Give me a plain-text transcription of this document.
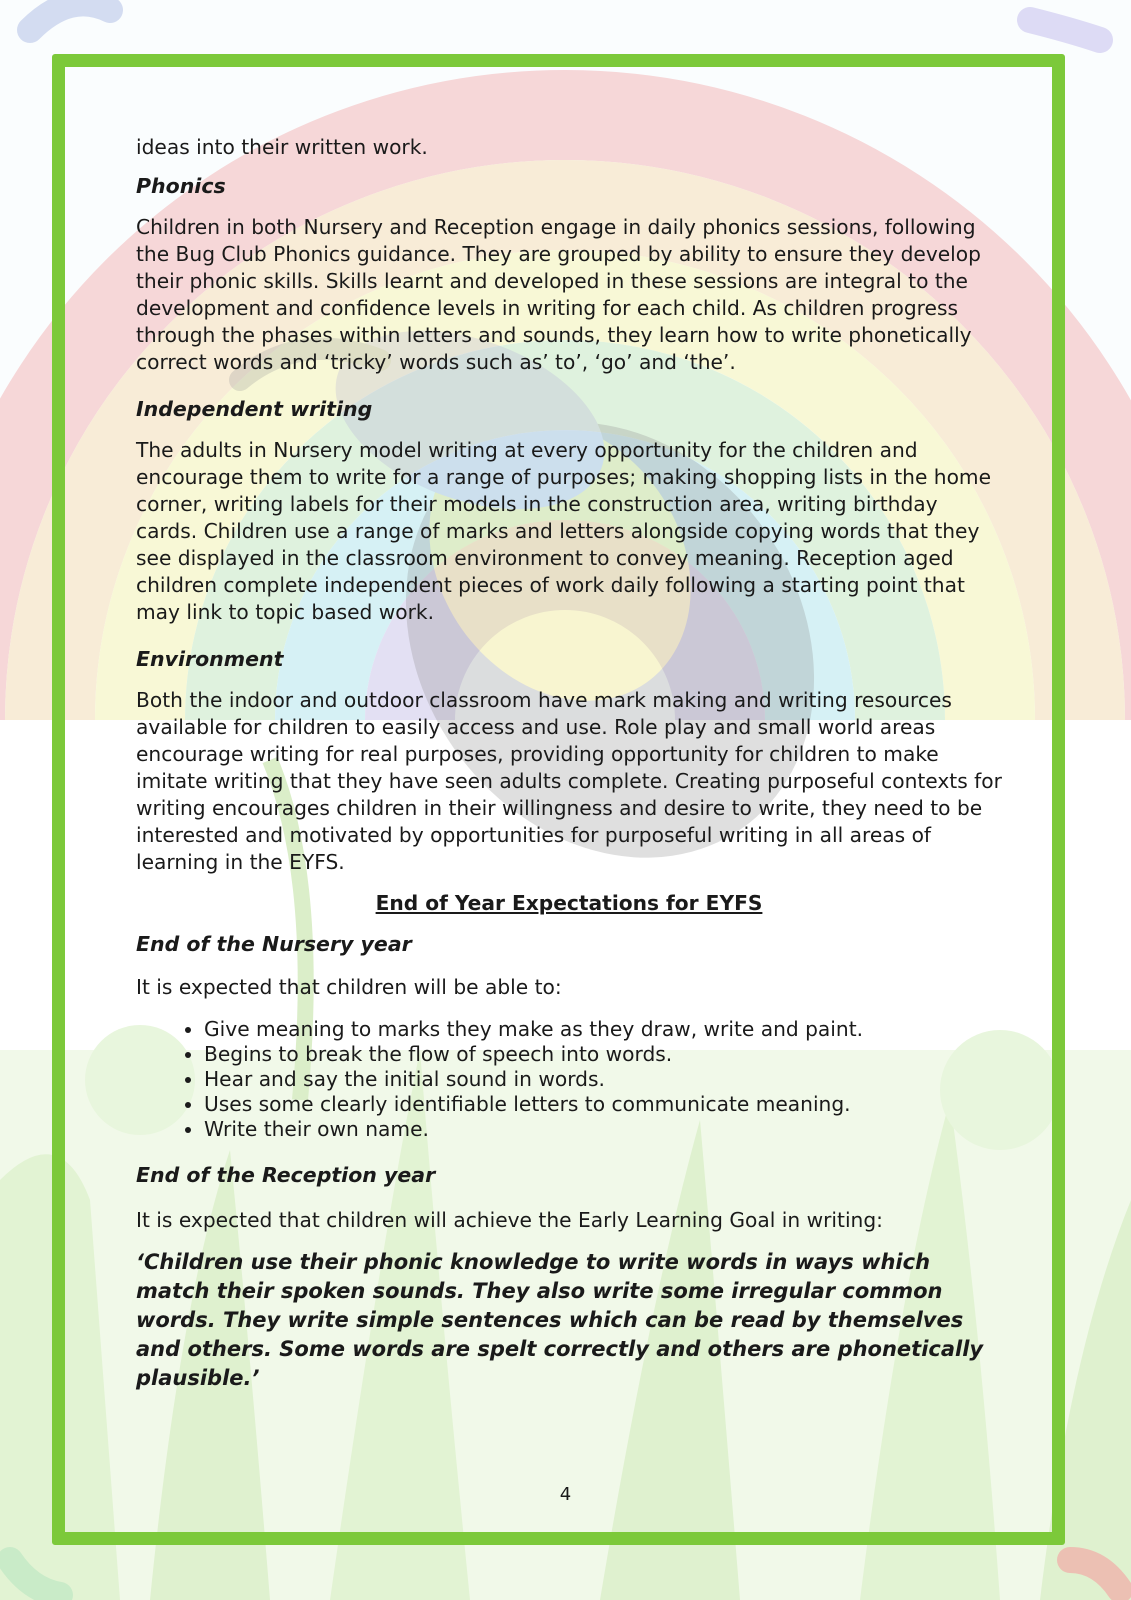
ideas into their written work.

Phonics

Children in both Nursery and Reception engage in daily phonics sessions, following the Bug Club Phonics guidance. They are grouped by ability to ensure they develop their phonic skills. Skills learnt and developed in these sessions are integral to the development and confidence levels in writing for each child. As children progress through the phases within letters and sounds, they learn how to write phonetically correct words and ‘tricky’ words such as’ to’, ‘go’ and ‘the’.

Independent writing

The adults in Nursery model writing at every opportunity for the children and encourage them to write for a range of purposes; making shopping lists in the home corner, writing labels for their models in the construction area, writing birthday cards. Children use a range of marks and letters alongside copying words that they see displayed in the classroom environment to convey meaning. Reception aged children complete independent pieces of work daily following a starting point that may link to topic based work.

Environment

Both the indoor and outdoor classroom have mark making and writing resources available for children to easily access and use. Role play and small world areas encourage writing for real purposes, providing opportunity for children to make imitate writing that they have seen adults complete. Creating purposeful contexts for writing encourages children in their willingness and desire to write, they need to be interested and motivated by opportunities for purposeful writing in all areas of learning in the EYFS.

End of Year Expectations for EYFS

End of the Nursery year

It is expected that children will be able to:

• Give meaning to marks they make as they draw, write and paint.
• Begins to break the flow of speech into words.
• Hear and say the initial sound in words.
• Uses some clearly identifiable letters to communicate meaning.
• Write their own name.
End of the Reception year

It is expected that children will achieve the Early Learning Goal in writing:

‘Children use their phonic knowledge to write words in ways which match their spoken sounds. They also write some irregular common words. They write simple sentences which can be read by themselves and others. Some words are spelt correctly and others are phonetically plausible.’

4
